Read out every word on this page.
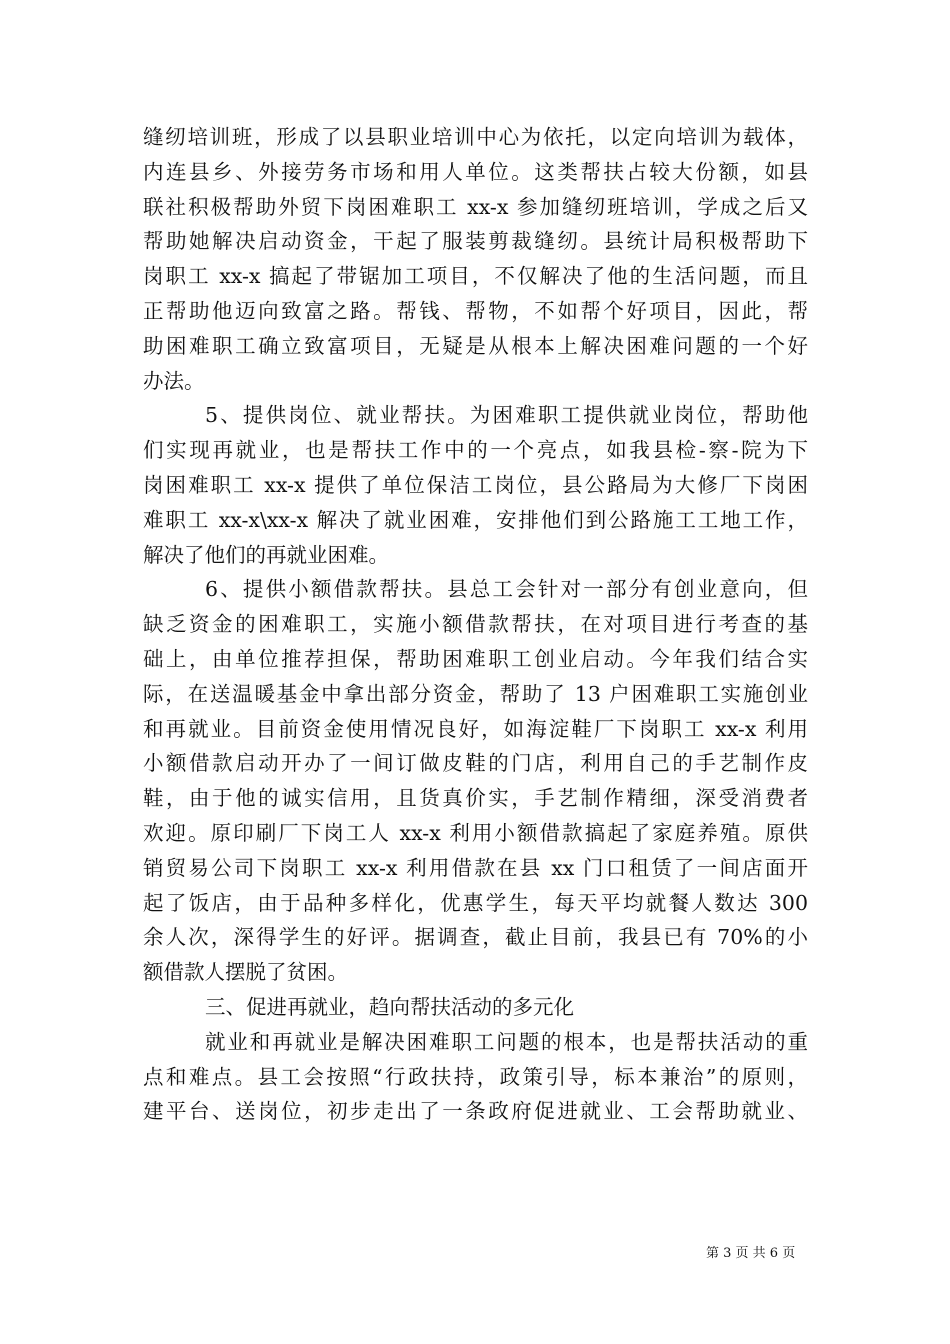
缝纫培训班，形成了以县职业培训中心为依托，以定向培训为载体，
内连县乡、外接劳务市场和用人单位。这类帮扶占较大份额，如县
联社积极帮助外贸下岗困难职工 xx-x 参加缝纫班培训，学成之后又
帮助她解决启动资金，干起了服装剪裁缝纫。县统计局积极帮助下
岗职工 xx-x 搞起了带锯加工项目，不仅解决了他的生活问题，而且
正帮助他迈向致富之路。帮钱、帮物，不如帮个好项目，因此，帮
助困难职工确立致富项目，无疑是从根本上解决困难问题的一个好
办法。
5、提供岗位、就业帮扶。为困难职工提供就业岗位，帮助他
们实现再就业，也是帮扶工作中的一个亮点，如我县检-察-院为下
岗困难职工 xx-x 提供了单位保洁工岗位，县公路局为大修厂下岗困
难职工 xx-x\xx-x 解决了就业困难，安排他们到公路施工工地工作，
解决了他们的再就业困难。
6、提供小额借款帮扶。县总工会针对一部分有创业意向，但
缺乏资金的困难职工，实施小额借款帮扶，在对项目进行考查的基
础上，由单位推荐担保，帮助困难职工创业启动。今年我们结合实
际，在送温暖基金中拿出部分资金，帮助了 13 户困难职工实施创业
和再就业。目前资金使用情况良好，如海淀鞋厂下岗职工 xx-x 利用
小额借款启动开办了一间订做皮鞋的门店，利用自己的手艺制作皮
鞋，由于他的诚实信用，且货真价实，手艺制作精细，深受消费者
欢迎。原印刷厂下岗工人 xx-x 利用小额借款搞起了家庭养殖。原供
销贸易公司下岗职工 xx-x 利用借款在县 xx 门口租赁了一间店面开
起了饭店，由于品种多样化，优惠学生，每天平均就餐人数达 300
余人次，深得学生的好评。据调查，截止目前，我县已有 70%的小
额借款人摆脱了贫困。
三、促进再就业，趋向帮扶活动的多元化
就业和再就业是解决困难职工问题的根本，也是帮扶活动的重
点和难点。县工会按照“行政扶持，政策引导，标本兼治”的原则，
建平台、送岗位，初步走出了一条政府促进就业、工会帮助就业、
第 3 页 共 6 页
